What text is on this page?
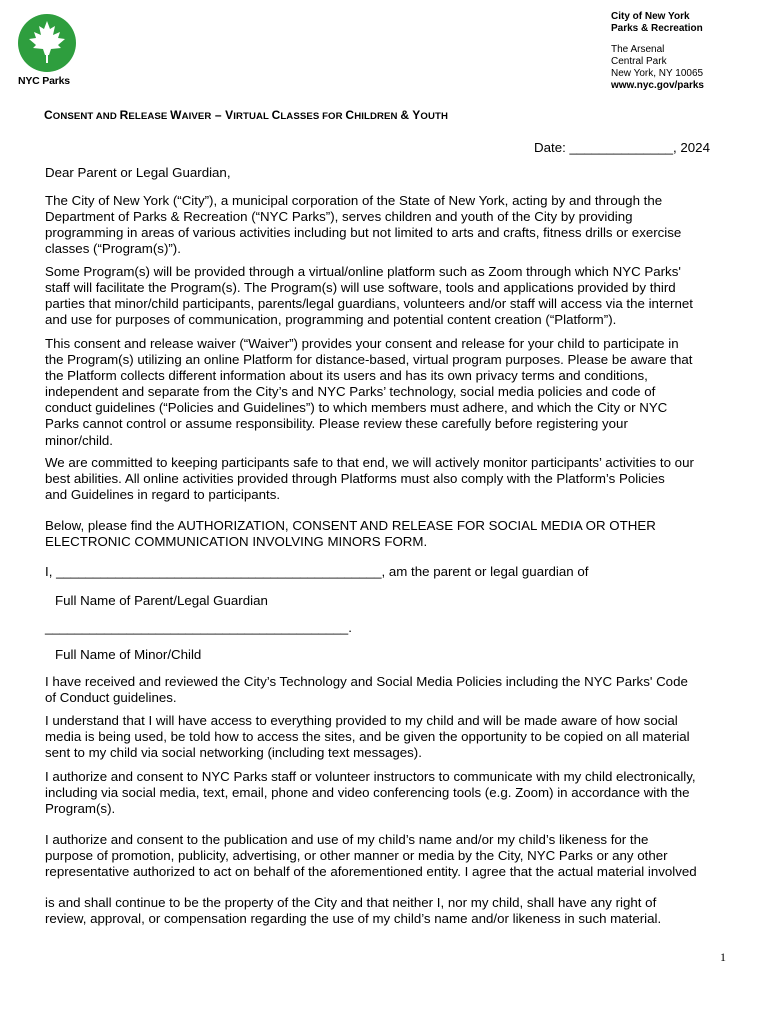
NYC Parks
City of New York
Parks & Recreation
The Arsenal
Central Park
New York, NY 10065
www.nyc.gov/parks
CONSENT AND RELEASE WAIVER – VIRTUAL CLASSES FOR CHILDREN & YOUTH
Date: ______________, 2024
Dear Parent or Legal Guardian,
The City of New York (“City”), a municipal corporation of the State of New York, acting by and through the
Department of Parks & Recreation (“NYC Parks”), serves children and youth of the City by providing
programming in areas of various activities including but not limited to arts and crafts, fitness drills or exercise
classes (“Program(s)”).
Some Program(s) will be provided through a virtual/online platform such as Zoom through which NYC Parks'
staff will facilitate the Program(s). The Program(s) will use software, tools and applications provided by third
parties that minor/child participants, parents/legal guardians, volunteers and/or staff will access via the internet
and use for purposes of communication, programming and potential content creation (“Platform”).
This consent and release waiver (“Waiver”) provides your consent and release for your child to participate in
the Program(s) utilizing an online Platform for distance-based, virtual program purposes. Please be aware that
the Platform collects different information about its users and has its own privacy terms and conditions,
independent and separate from the City’s and NYC Parks’ technology, social media policies and code of
conduct guidelines (“Policies and Guidelines”) to which members must adhere, and which the City or NYC
Parks cannot control or assume responsibility. Please review these carefully before registering your
minor/child.
We are committed to keeping participants safe to that end, we will actively monitor participants’ activities to our
best abilities. All online activities provided through Platforms must also comply with the Platform’s Policies
and Guidelines in regard to participants.
Below, please find the AUTHORIZATION, CONSENT AND RELEASE FOR SOCIAL MEDIA OR OTHER
ELECTRONIC COMMUNICATION INVOLVING MINORS FORM.
I, ____________________________________________, am the parent or legal guardian of
Full Name of Parent/Legal Guardian
_________________________________________.
Full Name of Minor/Child
I have received and reviewed the City’s Technology and Social Media Policies including the NYC Parks' Code
of Conduct guidelines.
I understand that I will have access to everything provided to my child and will be made aware of how social
media is being used, be told how to access the sites, and be given the opportunity to be copied on all material
sent to my child via social networking (including text messages).
I authorize and consent to NYC Parks staff or volunteer instructors to communicate with my child electronically,
including via social media, text, email, phone and video conferencing tools (e.g. Zoom) in accordance with the
Program(s).
I authorize and consent to the publication and use of my child’s name and/or my child’s likeness for the
purpose of promotion, publicity, advertising, or other manner or media by the City, NYC Parks or any other
representative authorized to act on behalf of the aforementioned entity. I agree that the actual material involved
is and shall continue to be the property of the City and that neither I, nor my child, shall have any right of
review, approval, or compensation regarding the use of my child’s name and/or likeness in such material.
1
